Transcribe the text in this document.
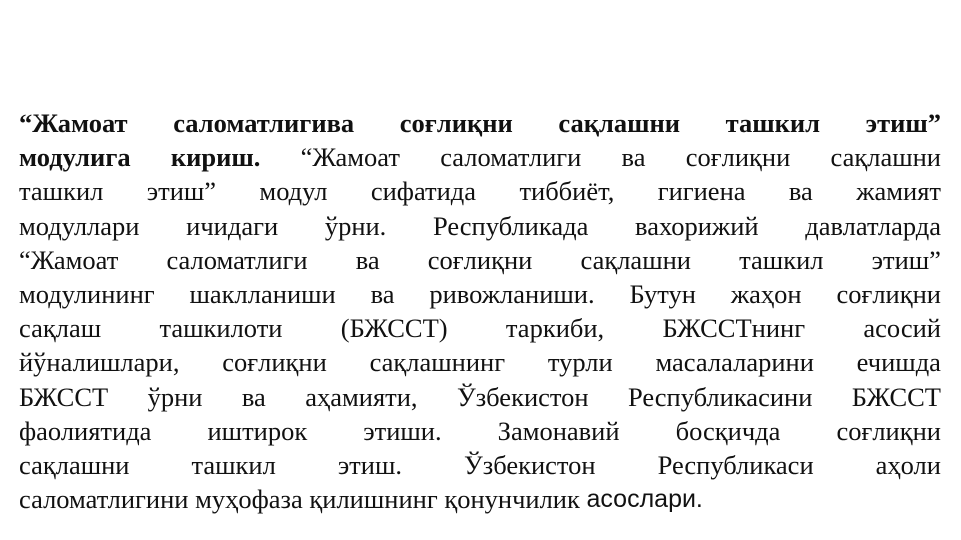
“Жамоат саломатлигива соғлиқни сақлашни ташкил этиш”
модулига кириш. “Жамоат саломатлиги ва соғлиқни сақлашни
ташкил этиш” модул сифатида тиббиёт, гигиена ва жамият
модуллари ичидаги ўрни. Республикада вахорижий давлатларда
“Жамоат саломатлиги ва соғлиқни сақлашни ташкил этиш”
модулининг шаклланиши ва ривожланиши. Бутун жаҳон соғлиқни
сақлаш ташкилоти (БЖССТ) таркиби, БЖССТнинг асосий
йўналишлари, соғлиқни сақлашнинг турли масалаларини ечишда
БЖССТ ўрни ва аҳамияти, Ўзбекистон Республикасини БЖССТ
фаолиятида иштирок этиши. Замонавий босқичда соғлиқни
сақлашни ташкил этиш. Ўзбекистон Республикаси аҳоли
саломатлигини
муҳофаза
қилишнинг
қонунчилик
асослари.
